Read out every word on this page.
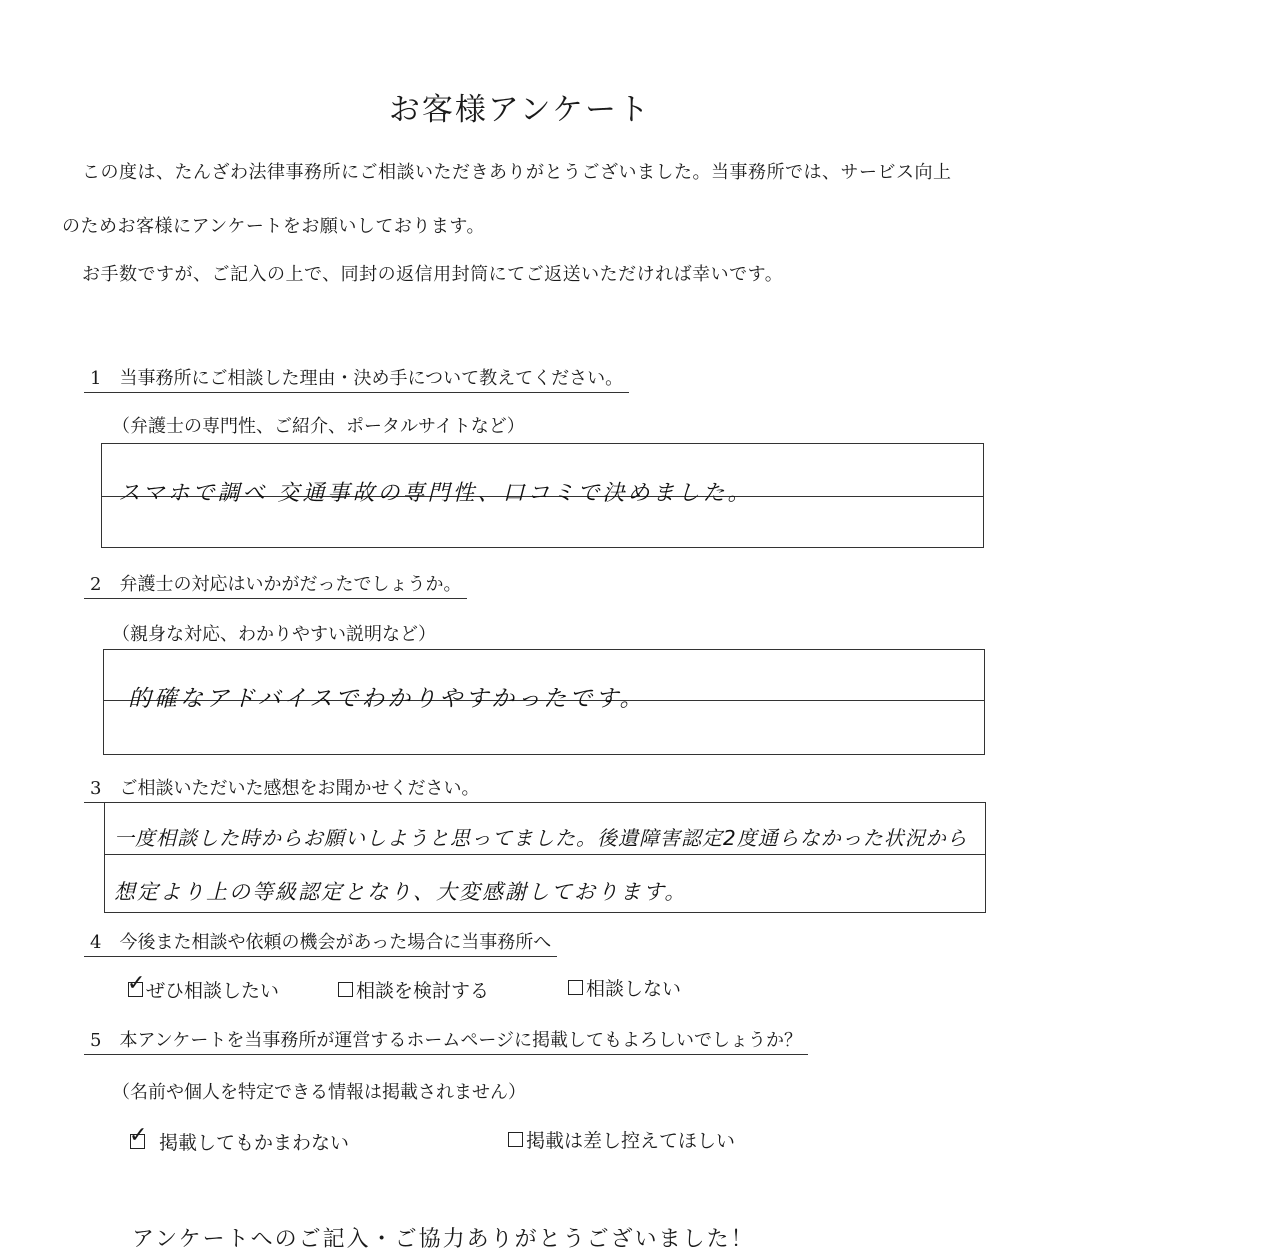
お客様アンケート
この度は、たんざわ法律事務所にご相談いただきありがとうございました。当事務所では、サービス向上
のためお客様にアンケートをお願いしております。
お手数ですが、ご記入の上で、同封の返信用封筒にてご返送いただければ幸いです。
1　当事務所にご相談した理由・決め手について教えてください。
（弁護士の専門性、ご紹介、ポータルサイトなど）
スマホで調べ 交通事故の専門性、口コミで決めました。
2　弁護士の対応はいかがだったでしょうか。
（親身な対応、わかりやすい説明など）
的確なアドバイスでわかりやすかったです。
3　ご相談いただいた感想をお聞かせください。
一度相談した時からお願いしようと思ってました。後遺障害認定2度通らなかった状況から
想定より上の等級認定となり、大変感謝しております。
4　今後また相談や依頼の機会があった場合に当事務所へ
✓ ぜひ相談したい	相談を検討する	相談しない
5　本アンケートを当事務所が運営するホームページに掲載してもよろしいでしょうか？
（名前や個人を特定できる情報は掲載されません）
✓ 掲載してもかまわない	掲載は差し控えてほしい
アンケートへのご記入・ご協力ありがとうございました！
